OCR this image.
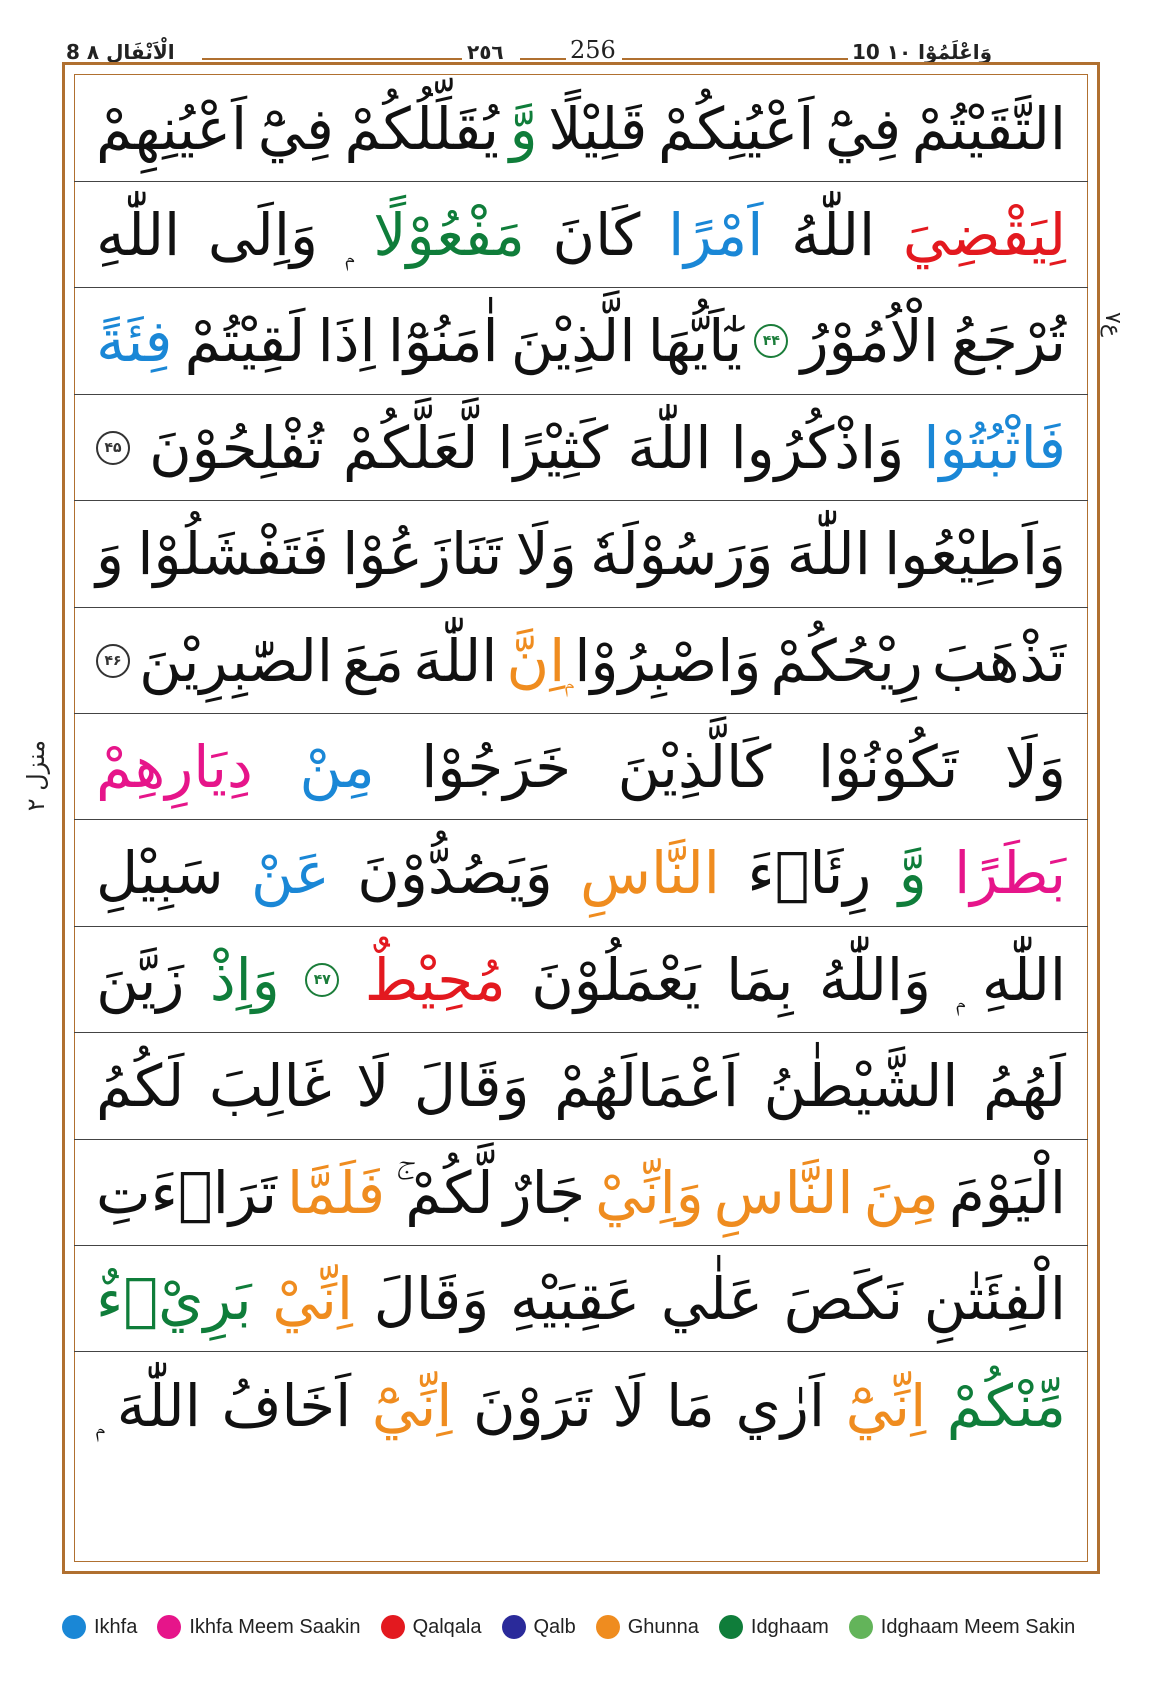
8 الْاَنْفَال ٨	٢٥٦	256	10 وَاعْلَمُوْا ١٠
التَّقَيْتُمْ
فِيْٓ
اَعْيُنِكُمْ
قَلِيْلًا
وَّ
يُقَلِّلُكُمْ
فِيْٓ
اَعْيُنِهِمْ
لِيَقْضِيَ
اللّٰهُ
اَمْرًا
كَانَ
مَفْعُوْلًا
وَاِلَى
اللّٰهِ
تُرْجَعُ
الْاُمُوْرُ
۴۴
يٰٓاَيُّهَا
الَّذِيْنَ
اٰمَنُوْٓا
اِذَا
لَقِيْتُمْ
فِئَةً
فَاثْبُتُوْا
وَاذْكُرُوا
اللّٰهَ
كَثِيْرًا
لَّعَلَّكُمْ
تُفْلِحُوْنَ
۴۵
وَاَطِيْعُوا
اللّٰهَ
وَرَسُوْلَهٗ
وَلَا
تَنَازَعُوْا
فَتَفْشَلُوْا
وَ
تَذْهَبَ
رِيْحُكُمْ
وَاصْبِرُوْا
ۭاِنَّ
اللّٰهَ
مَعَ
الصّٰبِرِيْنَ
۴۶
وَلَا
تَكُوْنُوْا
كَالَّذِيْنَ
خَرَجُوْا
مِنْ
دِيَارِهِمْ
بَطَرًا
وَّ
رِئَاۗءَ
النَّاسِ
وَيَصُدُّوْنَ
عَنْ
سَبِيْلِ
اللّٰهِ
وَاللّٰهُ
بِمَا
يَعْمَلُوْنَ
مُحِيْطٌ
۴۷
وَاِذْ
زَيَّنَ
لَهُمُ
الشَّيْطٰنُ
اَعْمَالَهُمْ
وَقَالَ
لَا
غَالِبَ
لَكُمُ
الْيَوْمَ
مِنَ
النَّاسِ
وَاِنِّيْ
جَارٌ
لَّكُمْ
فَلَمَّا
تَرَاۗءَتِ
الْفِئَتٰنِ
نَكَصَ
عَلٰي
عَقِبَيْهِ
وَقَالَ
اِنِّيْ
بَرِيْۗءٌ
مِّنْكُمْ
اِنِّيْٓ
اَرٰي
مَا
لَا
تَرَوْنَ
اِنِّيْٓ
اَخَافُ
اللّٰهَ
ع٧
منزل ٢
Ikhfa	Ikhfa Meem Saakin	Qalqala	Qalb	Ghunna	Idghaam	Idghaam Meem Sakin
